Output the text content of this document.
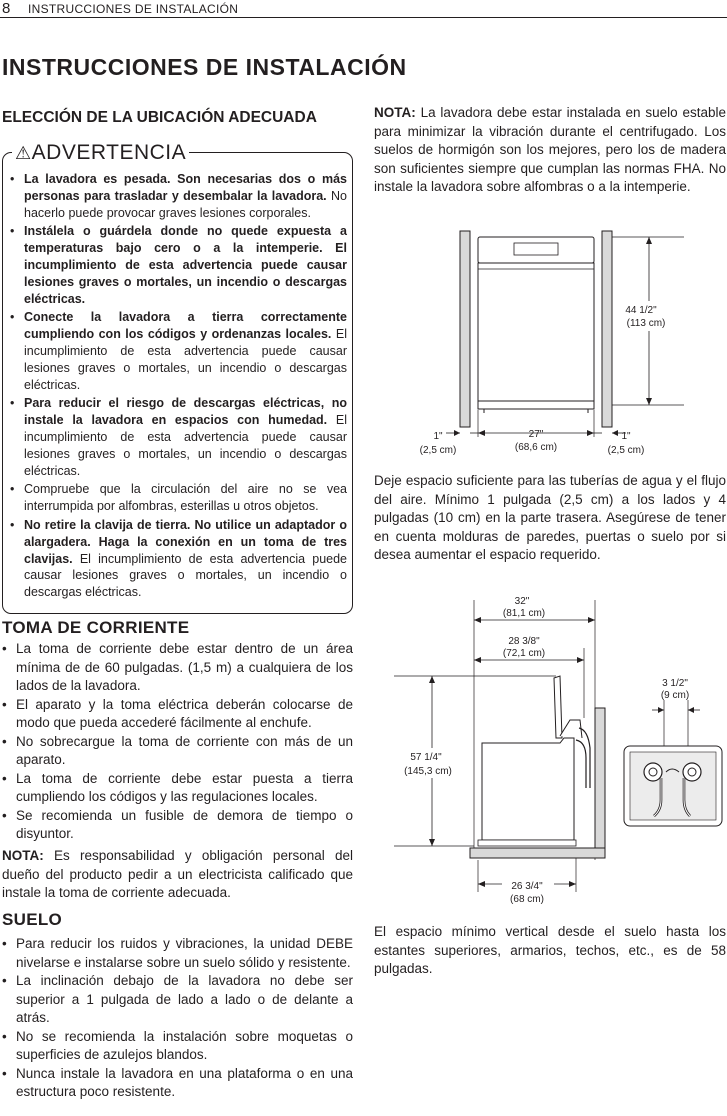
8 INSTRUCCIONES DE INSTALACIÓN
INSTRUCCIONES DE INSTALACIÓN
ELECCIÓN DE LA UBICACIÓN ADECUADA
⚠ADVERTENCIA
• La lavadora es pesada. Son necesarias dos o más personas para trasladar y desembalar la lavadora. No hacerlo puede provocar graves lesiones corporales.
• Instálela o guárdela donde no quede expuesta a temperaturas bajo cero o a la intemperie. El incumplimiento de esta advertencia puede causar lesiones graves o mortales, un incendio o descargas eléctricas.
• Conecte la lavadora a tierra correctamente cumpliendo con los códigos y ordenanzas locales. El incumplimiento de esta advertencia puede causar lesiones graves o mortales, un incendio o descargas eléctricas.
• Para reducir el riesgo de descargas eléctricas, no instale la lavadora en espacios con humedad. El incumplimiento de esta advertencia puede causar lesiones graves o mortales, un incendio o descargas eléctricas.
• Compruebe que la circulación del aire no se vea interrumpida por alfombras, esterillas u otros objetos.
• No retire la clavija de tierra. No utilice un adaptador o alargadera. Haga la conexión en un toma de tres clavijas. El incumplimiento de esta advertencia puede causar lesiones graves o mortales, un incendio o descargas eléctricas.
TOMA DE CORRIENTE
• La toma de corriente debe estar dentro de un área mínima de de 60 pulgadas. (1,5 m) a cualquiera de los lados de la lavadora.
• El aparato y la toma eléctrica deberán colocarse de modo que pueda accederé fácilmente al enchufe.
• No sobrecargue la toma de corriente con más de un aparato.
• La toma de corriente debe estar puesta a tierra cumpliendo los códigos y las regulaciones locales.
• Se recomienda un fusible de demora de tiempo o disyuntor.

NOTA: Es responsabilidad y obligación personal del dueño del producto pedir a un electricista calificado que instale la toma de corriente adecuada.

SUELO
• Para reducir los ruidos y vibraciones, la unidad DEBE nivelarse e instalarse sobre un suelo sólido y resistente.
• La inclinación debajo de la lavadora no debe ser superior a 1 pulgada de lado a lado o de delante a atrás.
• No se recomienda la instalación sobre moquetas o superficies de azulejos blandos.
• Nunca instale la lavadora en una plataforma o en una estructura poco resistente.

NOTA: La lavadora debe estar instalada en suelo estable para minimizar la vibración durante el centrifugado. Los suelos de hormigón son los mejores, pero los de madera son suficientes siempre que cumplan las normas FHA. No instale la lavadora sobre alfombras o a la intemperie.

44 1/2"
(113 cm)
27"
(68,6 cm)
1"
(2,5 cm)
1"
(2,5 cm)

Deje espacio suficiente para las tuberías de agua y el flujo del aire. Mínimo 1 pulgada (2,5 cm) a los lados y 4 pulgadas (10 cm) en la parte trasera. Asegúrese de tener en cuenta molduras de paredes, puertas o suelo por si desea aumentar el espacio requerido.

32"
(81,1 cm)
28 3/8"
(72,1 cm)
57 1/4"
(145,3 cm)
26 3/4"
(68 cm)
3 1/2"
(9 cm)

El espacio mínimo vertical desde el suelo hasta los estantes superiores, armarios, techos, etc., es de 58 pulgadas.
